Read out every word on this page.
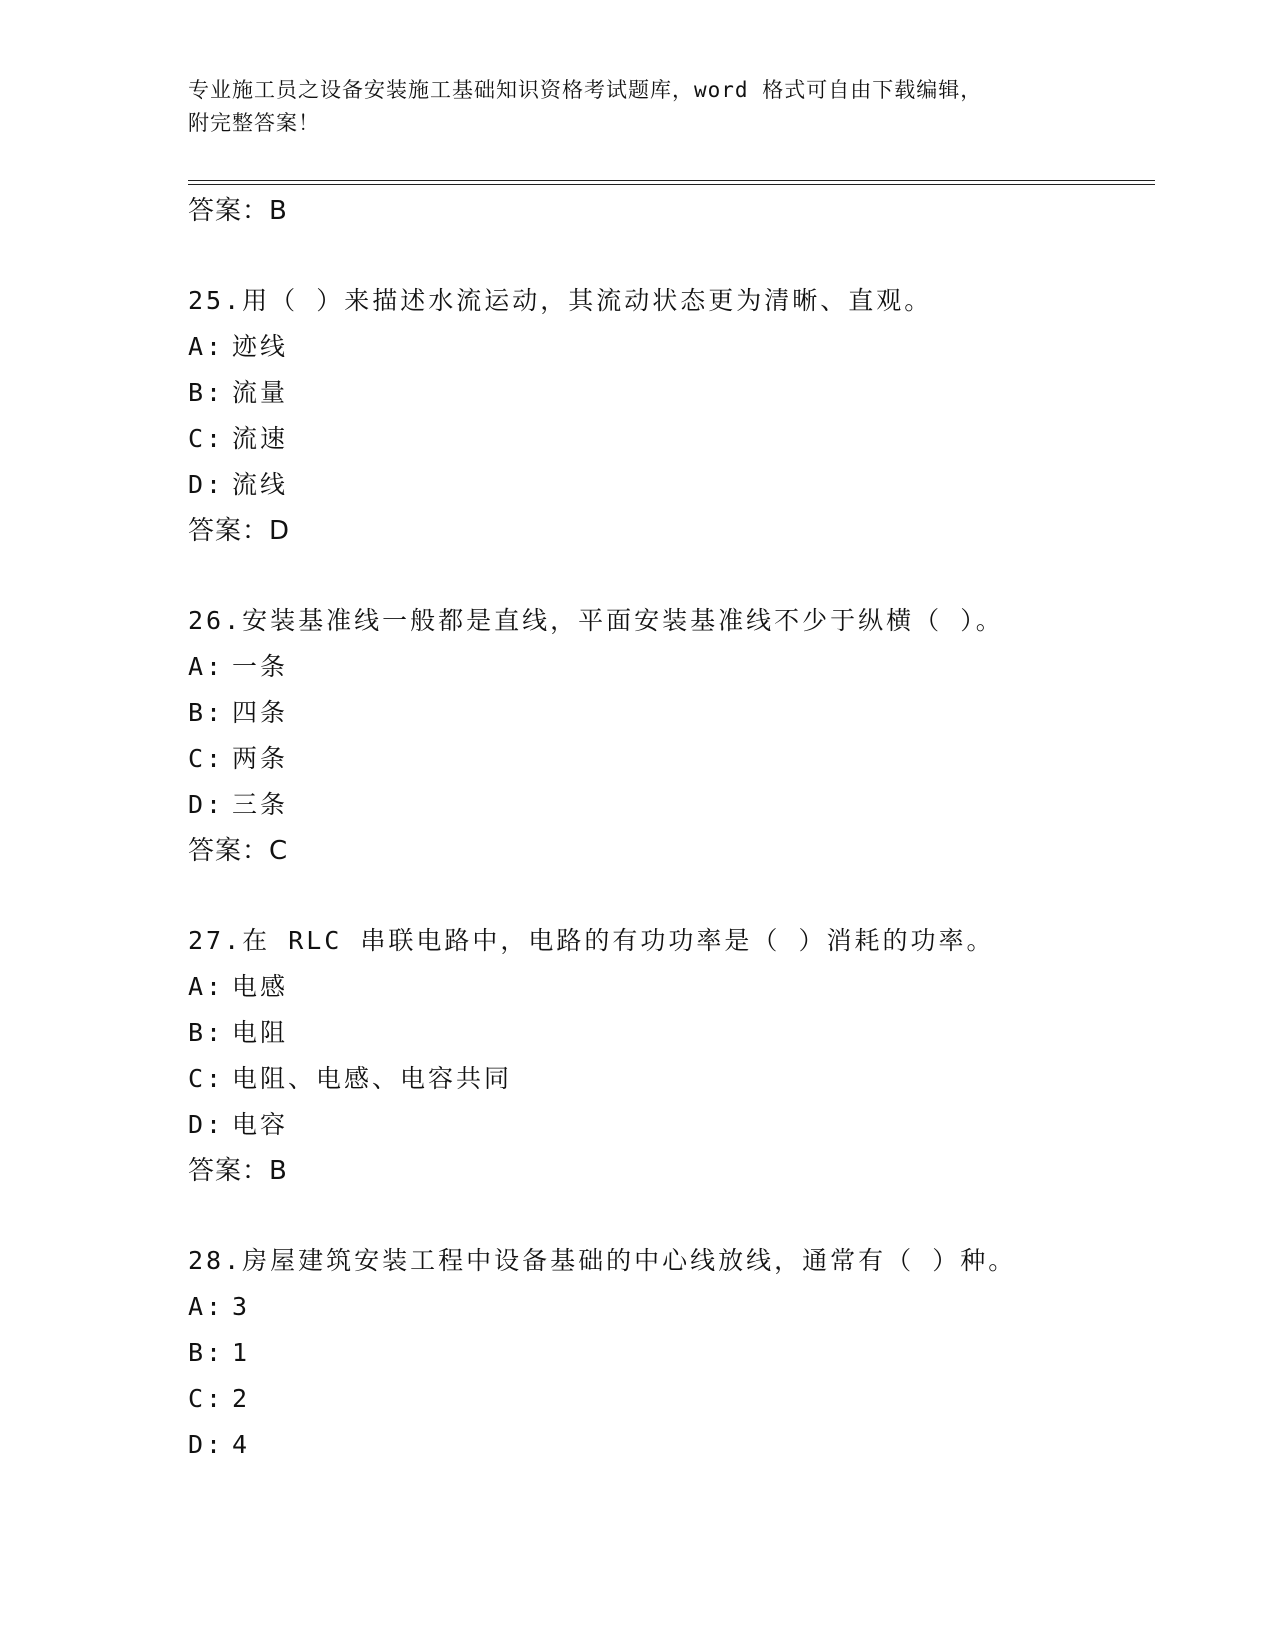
专业施工员之设备安装施工基础知识资格考试题库，word 格式可自由下载编辑，
附完整答案！
答案：B
25.用（ ）来描述水流运动，其流动状态更为清晰、直观。
A: 迹线
B: 流量
C: 流速
D: 流线
答案：D
26.安装基准线一般都是直线，平面安装基准线不少于纵横（ ）。
A: 一条
B: 四条
C: 两条
D: 三条
答案：C
27.在 RLC 串联电路中，电路的有功功率是（ ）消耗的功率。
A: 电感
B: 电阻
C: 电阻、电感、电容共同
D: 电容
答案：B
28.房屋建筑安装工程中设备基础的中心线放线，通常有（ ）种。
A: 3
B: 1
C: 2
D: 4
